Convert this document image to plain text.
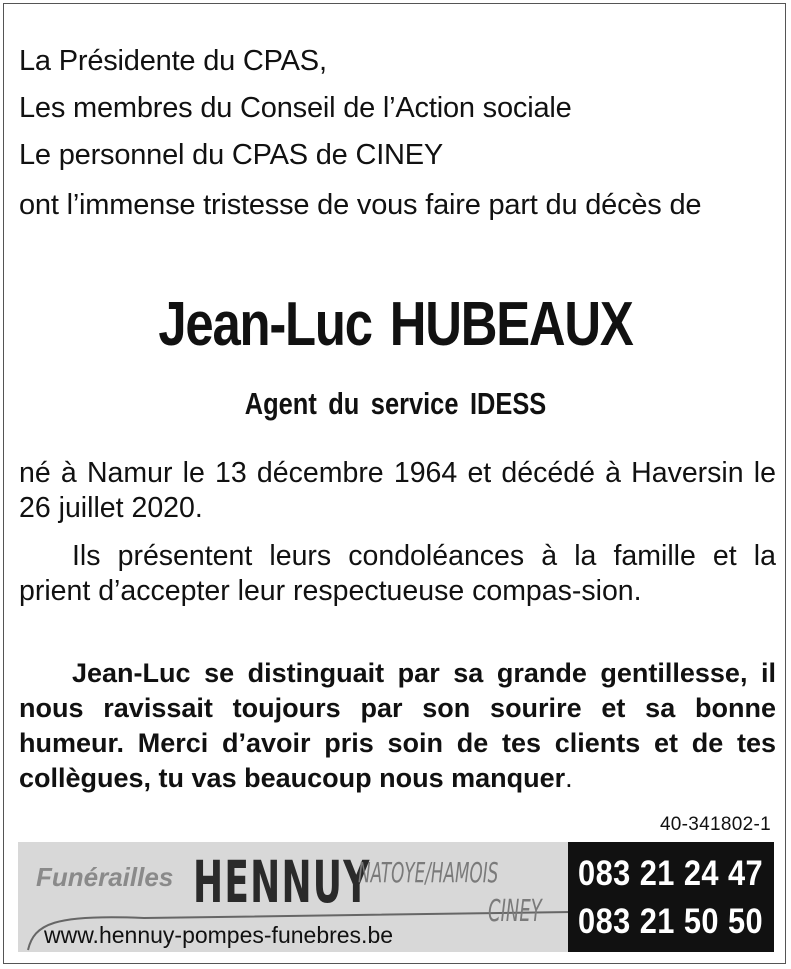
La Présidente du CPAS,
Les membres du Conseil de l’Action sociale
Le personnel du CPAS de CINEY
ont l’immense tristesse de vous faire part du décès de
Jean-Luc HUBEAUX
Agent du service IDESS
né à Namur le 13 décembre 1964 et décédé à Haversin le 26 juillet 2020.
Ils présentent leurs condoléances à la famille et la prient d’accepter leur respectueuse compas-sion.
Jean-Luc se distinguait par sa grande gentillesse, il nous ravissait toujours par son sourire et sa bonne humeur. Merci d’avoir pris soin de tes clients et de tes collègues, tu vas beaucoup nous manquer.
40-341802-1
Funérailles HENNUY
NATOYE/HAMOIS
CINEY
www.hennuy-pompes-funebres.be
083 21 24 47
083 21 50 50
